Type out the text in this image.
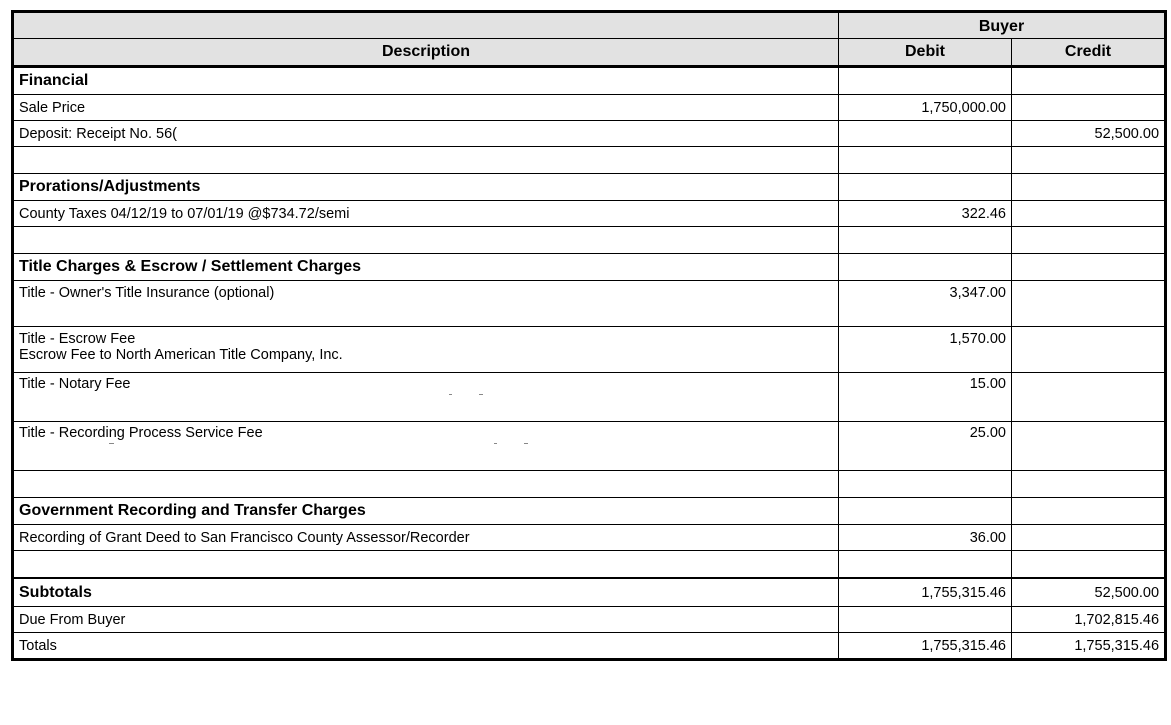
	Buyer	
Description	Debit	Credit
Financial		
Sale Price	1,750,000.00	
Deposit: Receipt No. 56(		52,500.00

Prorations/Adjustments		
County Taxes 04/12/19 to 07/01/19 @$734.72/semi	322.46	

Title Charges & Escrow / Settlement Charges		
Title - Owner's Title Insurance (optional)	3,347.00	

Title - Escrow Fee
Escrow Fee to North American Title Company, Inc.	1,570.00	

Title - Notary Fee	15.00	

Title - Recording Process Service Fee	25.00	

Government Recording and Transfer Charges		
Recording of Grant Deed to San Francisco County Assessor/Recorder	36.00	

Subtotals	1,755,315.46	52,500.00
Due From Buyer		1,702,815.46
Totals	1,755,315.46	1,755,315.46
